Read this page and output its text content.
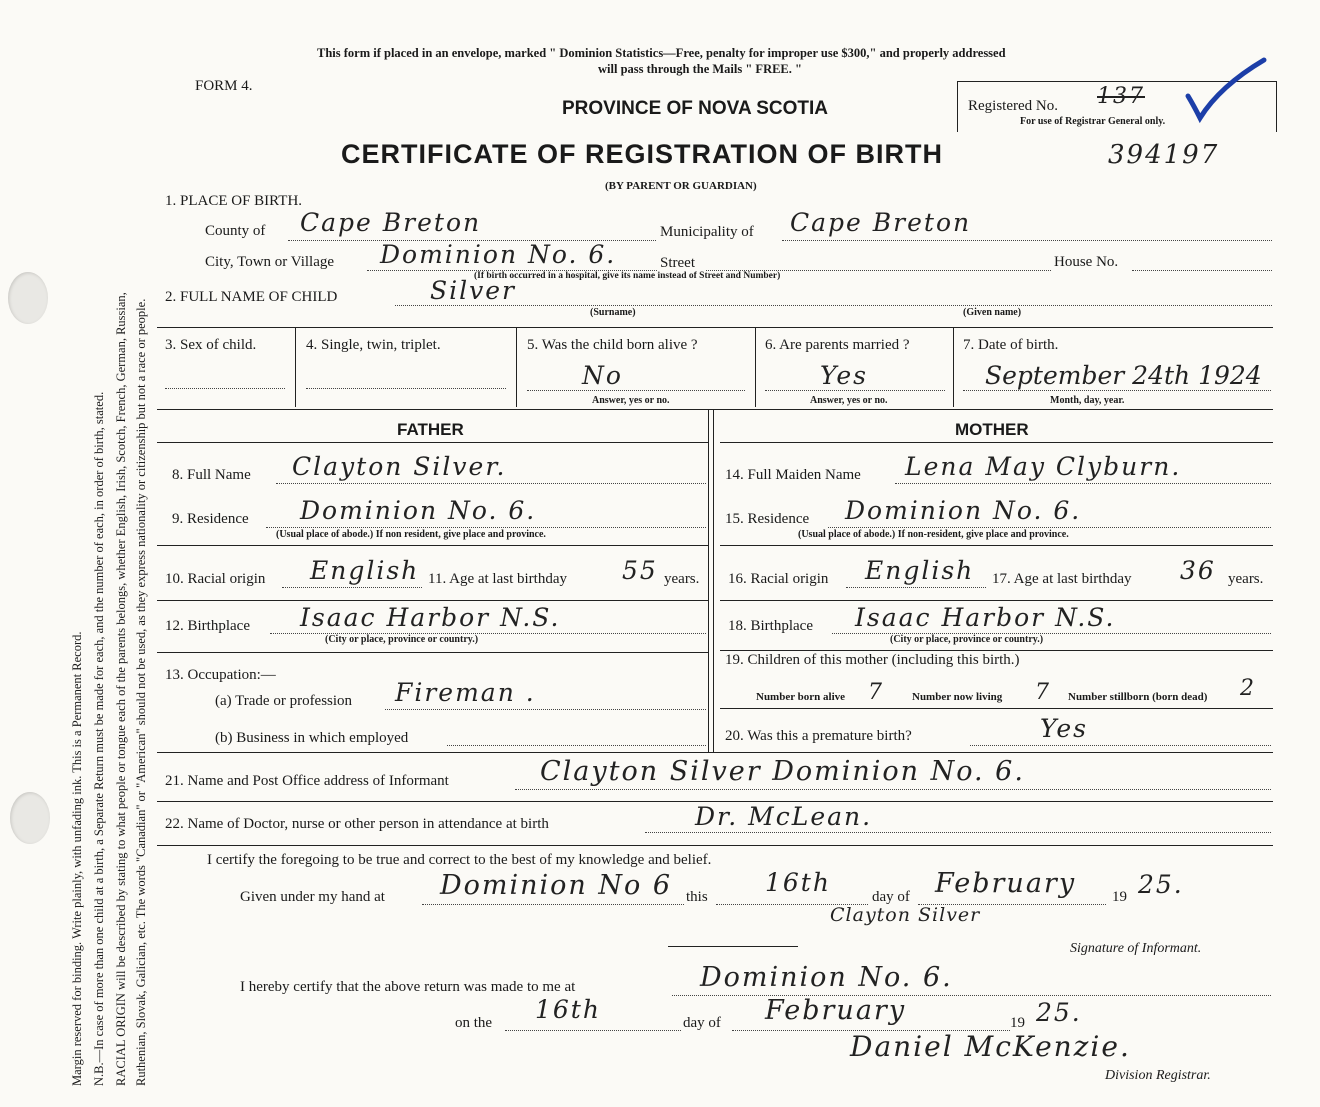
Margin reserved for binding. Write plainly, with unfading ink. This is a Permanent Record. N.B.—In case of more than one child at a birth, a Separate Return must be made for each, and the number of each, in order of birth, stated. RACIAL ORIGIN will be described by stating to what people or tongue each of the parents belongs, whether English, Irish, Scotch, French, German, Russian, Ruthenian, Slovak, Galician, etc. The words "Canadian" or "American" should not be used, as they express nationality or citizenship but not a race or people.
This form if placed in an envelope, marked " Dominion Statistics—Free, penalty for improper use $300," and properly addressed
will pass through the Mails " FREE. "
FORM 4.
PROVINCE OF NOVA SCOTIA
CERTIFICATE OF REGISTRATION OF BIRTH	394197
(BY PARENT OR GUARDIAN)
Registered No. 137
For use of Registrar General only.
1. PLACE OF BIRTH.
County of Cape Breton	Municipality of Cape Breton
City, Town or Village Dominion No. 6.	Street	House No.
(If birth occurred in a hospital, give its name instead of Street and Number)
2. FULL NAME OF CHILD	Silver
(Surname)	(Given name)
3. Sex of child.	4. Single, twin, triplet.	5. Was the child born alive ?
No
Answer, yes or no.
6. Are parents married ?
Yes
Answer, yes or no.
7. Date of birth.
September 24th 1924
Month, day, year.
FATHER	MOTHER
8. Full Name Clayton Silver.
9. Residence Dominion No. 6.
(Usual place of abode.) If non resident, give place and province.
10. Racial origin English 11. Age at last birthday 55 years.
12. Birthplace Isaac Harbor N.S.
(City or place, province or country.)
13. Occupation:—
(a) Trade or profession Fireman .
(b) Business in which employed
14. Full Maiden Name Lena May Clyburn.
15. Residence Dominion No. 6.
(Usual place of abode.) If non-resident, give place and province.
16. Racial origin English 17. Age at last birthday 36 years.
18. Birthplace Isaac Harbor N.S.
(City or place, province or country.)
19. Children of this mother (including this birth.)
Number born alive 7	Number now living 7 Number stillborn (born dead) 2
20. Was this a premature birth?	Yes
21. Name and Post Office address of Informant	Clayton Silver Dominion No. 6.
22. Name of Doctor, nurse or other person in attendance at birth	Dr. McLean.
I certify the foregoing to be true and correct to the best of my knowledge and belief.
Given under my hand at Dominion No 6 this 16th	day of February 19 25.
Clayton Silver
Signature of Informant.
I hereby certify that the above return was made to me at	Dominion No. 6.
on the 16th	day of February	19 25.
Daniel McKenzie.
Division Registrar.
